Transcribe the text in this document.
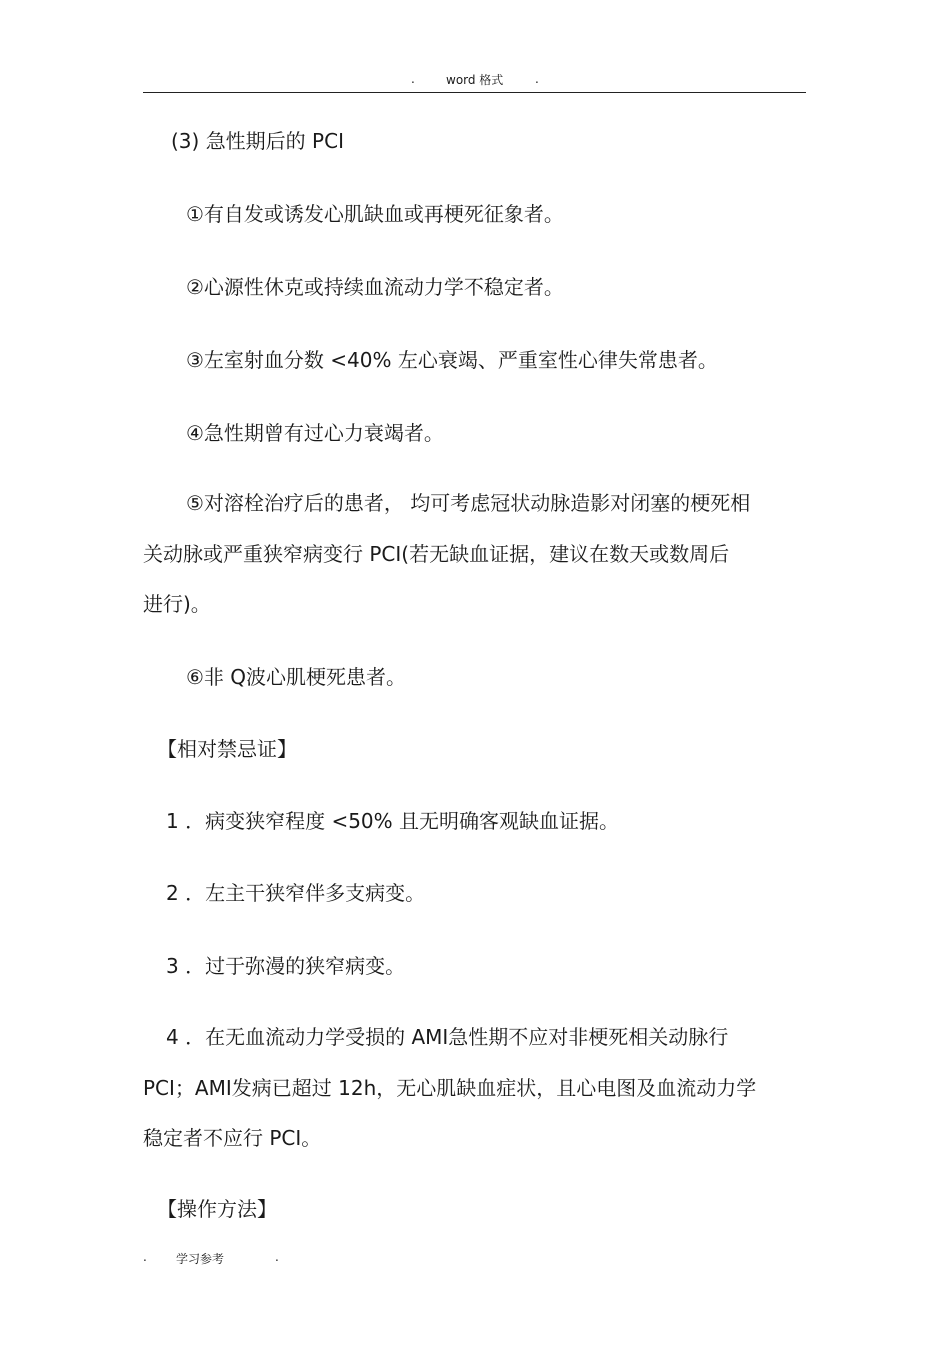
.	word 格式	.
(3) 急性期后的 PCI
①有自发或诱发心肌缺血或再梗死征象者。
②心源性休克或持续血流动力学不稳定者。
③左室射血分数 <40% 左心衰竭、严重室性心律失常患者。
④急性期曾有过心力衰竭者。
⑤对溶栓治疗后的患者， 均可考虑冠状动脉造影对闭塞的梗死相
关动脉或严重狭窄病变行 PCI(若无缺血证据，建议在数天或数周后
进行)。
⑥非 Q波心肌梗死患者。
【相对禁忌证】
1 ．病变狭窄程度 <50% 且无明确客观缺血证据。
2 ．左主干狭窄伴多支病变。
3 ．过于弥漫的狭窄病变。
4 ．在无血流动力学受损的 AMI急性期不应对非梗死相关动脉行
PCI；AMI发病已超过 12h，无心肌缺血症状，且心电图及血流动力学
稳定者不应行 PCI。
【操作方法】
. 学习参考	.
